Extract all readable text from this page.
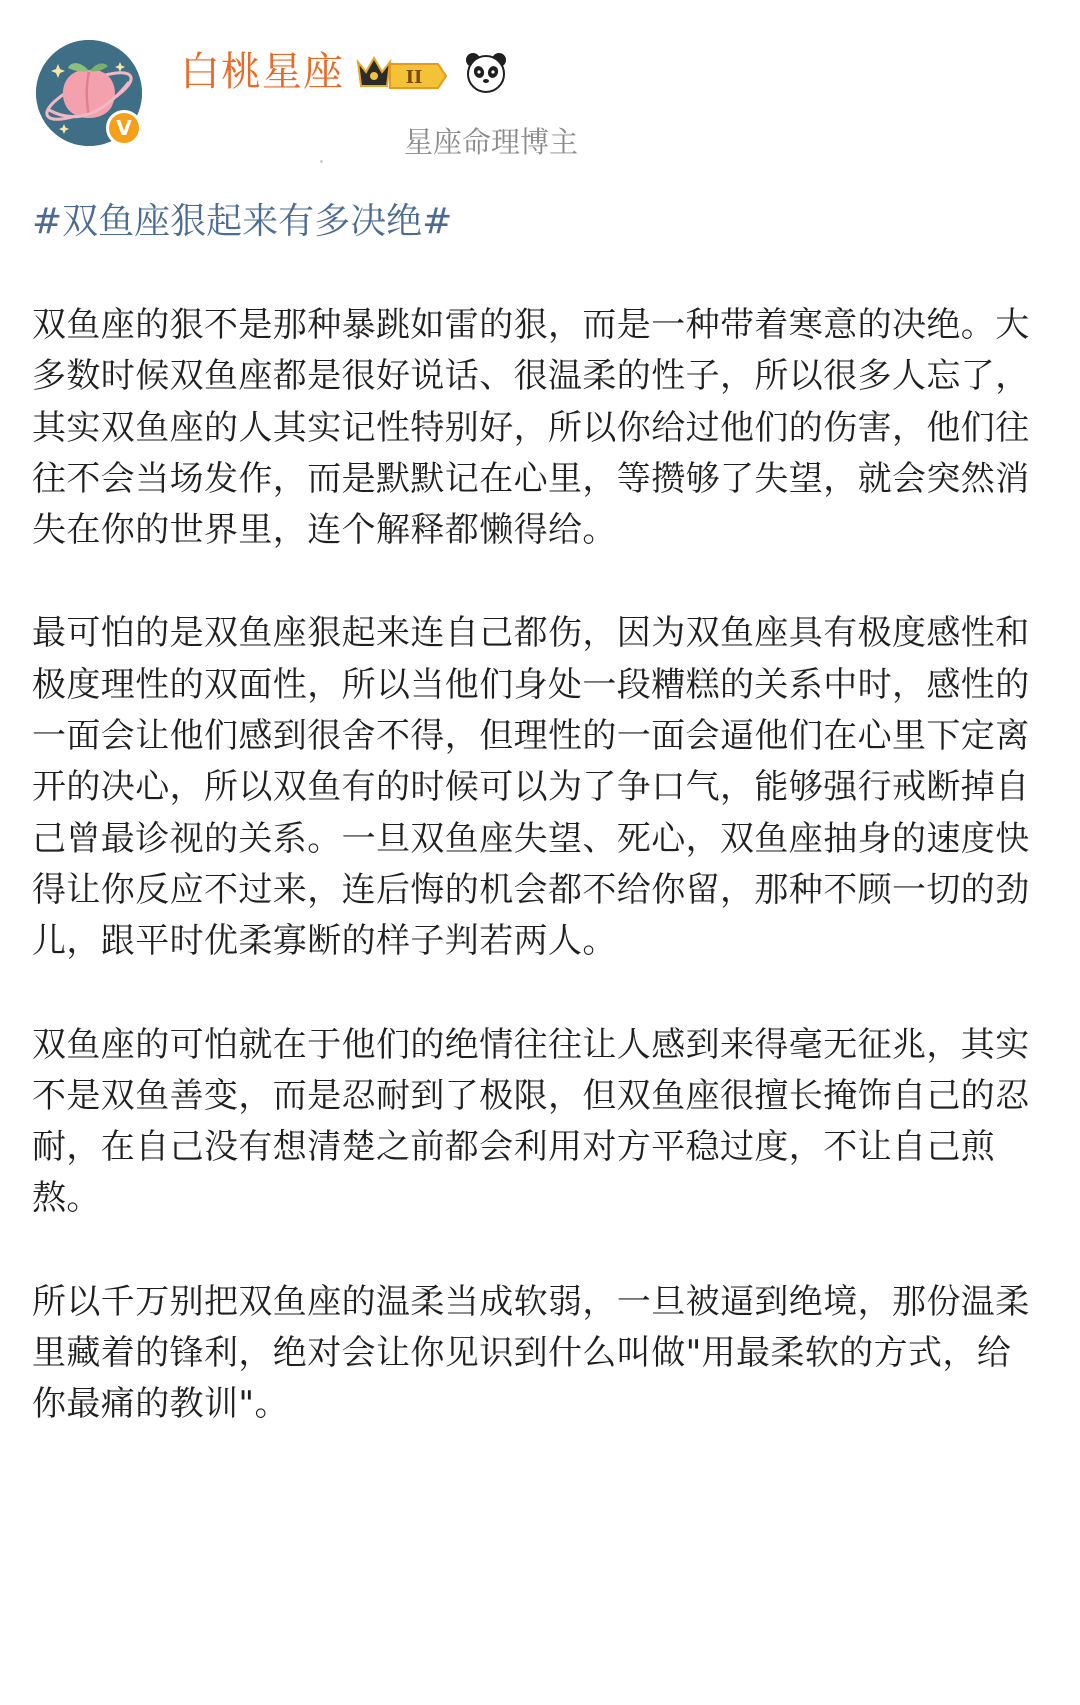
V
白桃星座	II
星座命理博主

#双鱼座狠起来有多决绝#

双鱼座的狠不是那种暴跳如雷的狠，而是一种带着寒意的决绝。大多数时候双鱼座都是很好说话、很温柔的性子，所以很多人忘了，其实双鱼座的人其实记性特别好，所以你给过他们的伤害，他们往往不会当场发作，而是默默记在心里，等攒够了失望，就会突然消失在你的世界里，连个解释都懒得给。

最可怕的是双鱼座狠起来连自己都伤，因为双鱼座具有极度感性和极度理性的双面性，所以当他们身处一段糟糕的关系中时，感性的一面会让他们感到很舍不得，但理性的一面会逼他们在心里下定离开的决心，所以双鱼有的时候可以为了争口气，能够强行戒断掉自己曾最诊视的关系。一旦双鱼座失望、死心，双鱼座抽身的速度快得让你反应不过来，连后悔的机会都不给你留，那种不顾一切的劲儿，跟平时优柔寡断的样子判若两人。

双鱼座的可怕就在于他们的绝情往往让人感到来得毫无征兆，其实不是双鱼善变，而是忍耐到了极限，但双鱼座很擅长掩饰自己的忍耐，在自己没有想清楚之前都会利用对方平稳过度，不让自己煎熬。

所以千万别把双鱼座的温柔当成软弱，一旦被逼到绝境，那份温柔里藏着的锋利，绝对会让你见识到什么叫做"用最柔软的方式，给你最痛的教训"。
